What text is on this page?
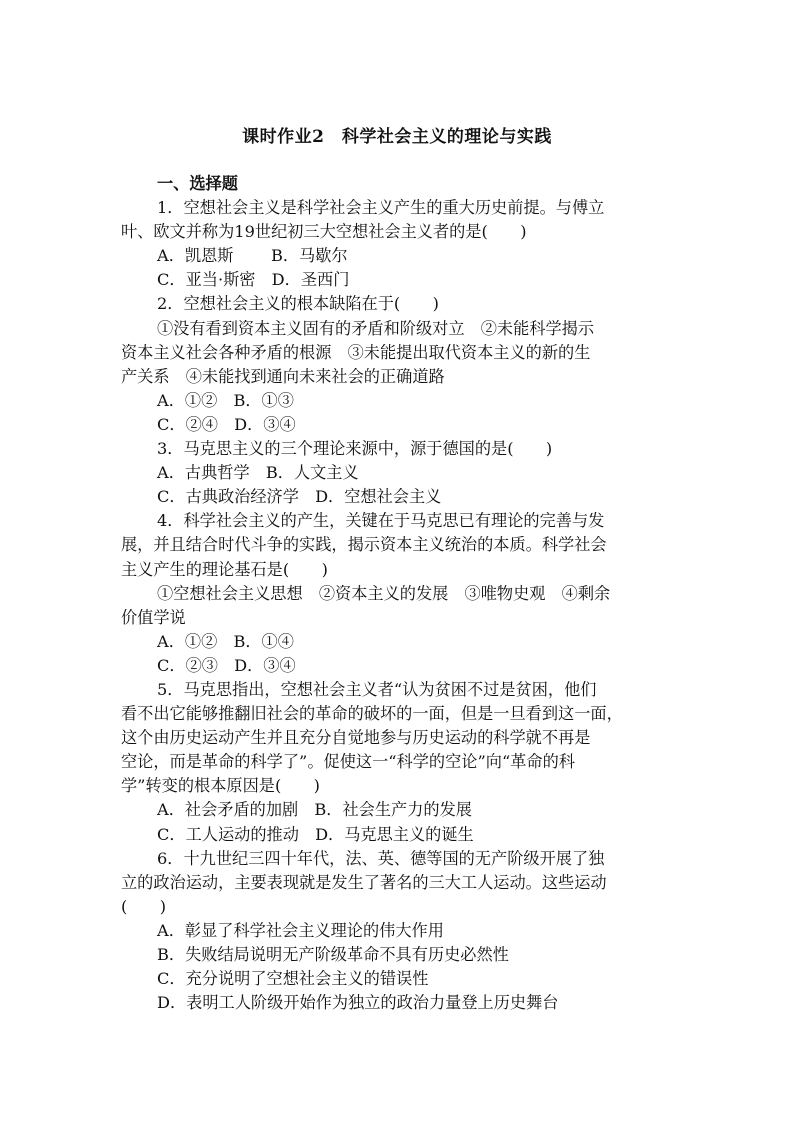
课时作业2　科学社会主义的理论与实践
一、选择题
1．空想社会主义是科学社会主义产生的重大历史前提。与傅立
叶、欧文并称为19世纪初三大空想社会主义者的是(　　)
A．凯恩斯　　 B．马歇尔
C．亚当·斯密　D．圣西门
2．空想社会主义的根本缺陷在于(　　)
①没有看到资本主义固有的矛盾和阶级对立　②未能科学揭示
资本主义社会各种矛盾的根源　③未能提出取代资本主义的新的生
产关系　④未能找到通向未来社会的正确道路
A．①②　B．①③
C．②④　D．③④
3．马克思主义的三个理论来源中，源于德国的是(　　)
A．古典哲学　B．人文主义
C．古典政治经济学　D．空想社会主义
4．科学社会主义的产生，关键在于马克思已有理论的完善与发
展，并且结合时代斗争的实践，揭示资本主义统治的本质。科学社会
主义产生的理论基石是(　　)
①空想社会主义思想　②资本主义的发展　③唯物史观　④剩余
价值学说
A．①②　B．①④
C．②③　D．③④
5．马克思指出，空想社会主义者“认为贫困不过是贫困，他们
看不出它能够推翻旧社会的革命的破坏的一面，但是一旦看到这一面，
这个由历史运动产生并且充分自觉地参与历史运动的科学就不再是
空论，而是革命的科学了”。促使这一“科学的空论”向“革命的科
学”转变的根本原因是(　　)
A．社会矛盾的加剧　B．社会生产力的发展
C．工人运动的推动　D．马克思主义的诞生
6．十九世纪三四十年代，法、英、德等国的无产阶级开展了独
立的政治运动，主要表现就是发生了著名的三大工人运动。这些运动
(　　)
A．彰显了科学社会主义理论的伟大作用
B．失败结局说明无产阶级革命不具有历史必然性
C．充分说明了空想社会主义的错误性
D．表明工人阶级开始作为独立的政治力量登上历史舞台
